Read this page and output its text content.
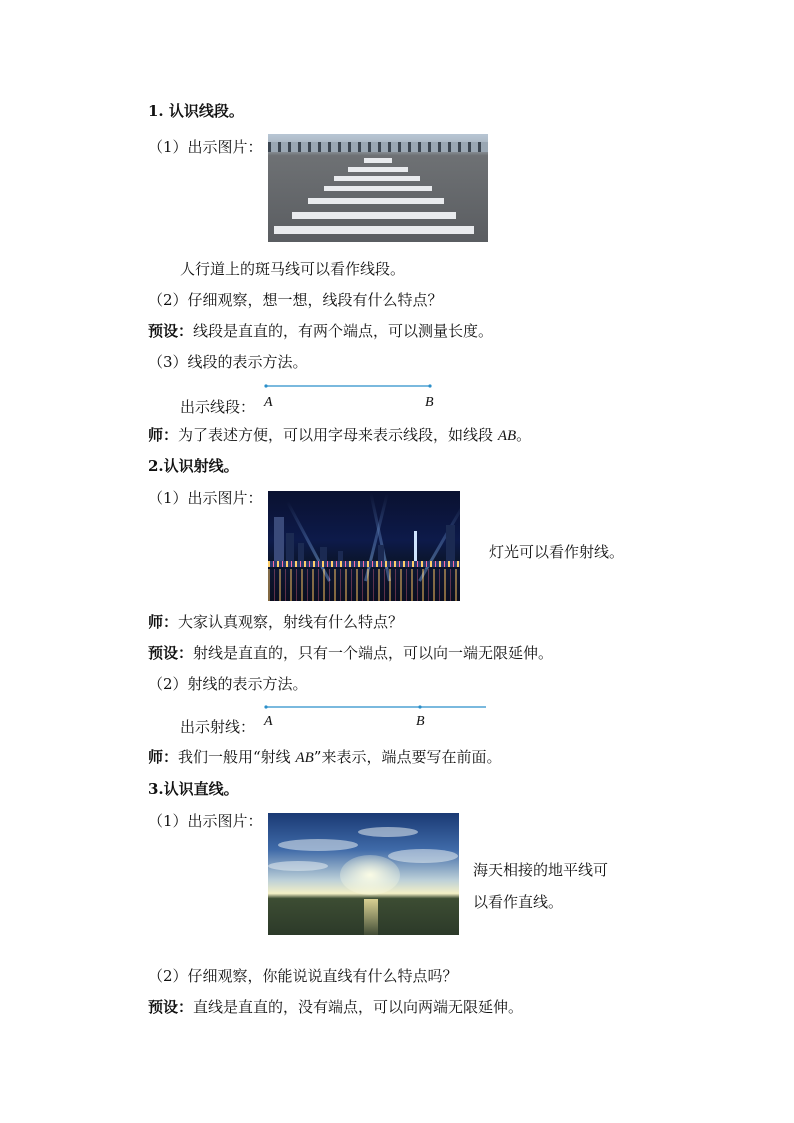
1. 认识线段。
（1）出示图片：
人行道上的斑马线可以看作线段。
（2）仔细观察，想一想，线段有什么特点？
预设：线段是直直的，有两个端点，可以测量长度。
（3）线段的表示方法。
出示线段： A	B
师：为了表述方便，可以用字母来表示线段，如线段 AB。
2.认识射线。
（1）出示图片：
灯光可以看作射线。
师：大家认真观察，射线有什么特点？
预设：射线是直直的，只有一个端点，可以向一端无限延伸。
（2）射线的表示方法。
出示射线： A	B
师：我们一般用“射线 AB”来表示，端点要写在前面。
3.认识直线。
（1）出示图片：
海天相接的地平线可
以看作直线。
（2）仔细观察，你能说说直线有什么特点吗？
预设：直线是直直的，没有端点，可以向两端无限延伸。
